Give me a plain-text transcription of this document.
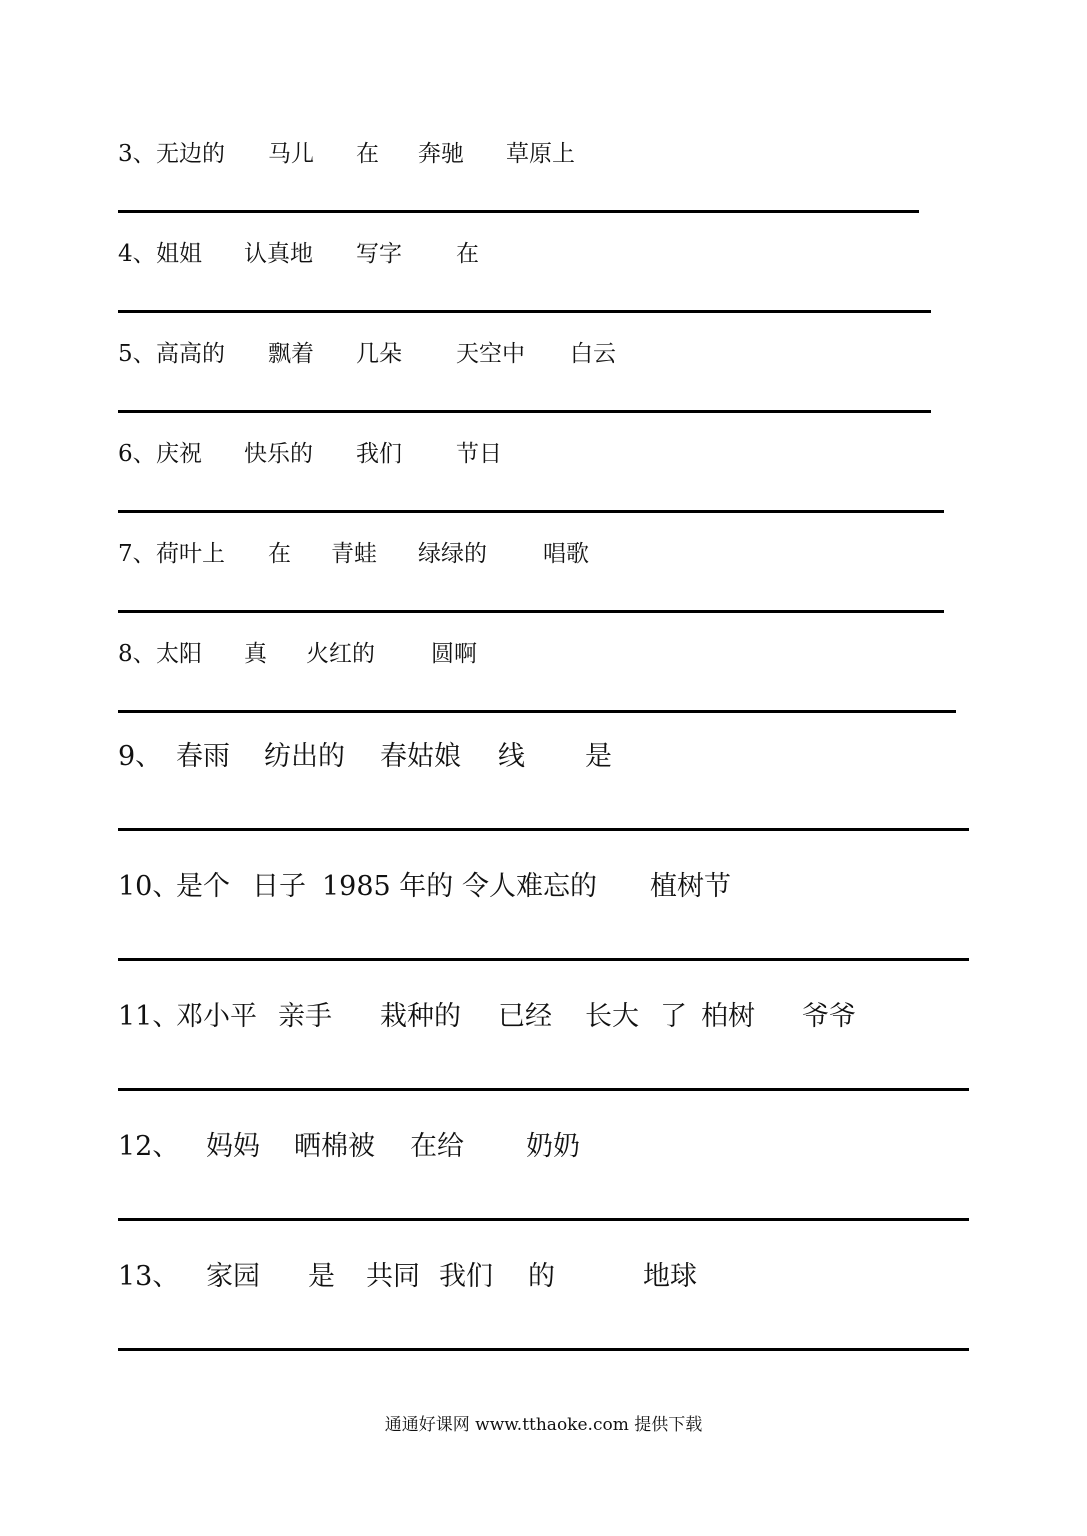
3、 无边的 马儿 在 奔驰 草原上
4、 姐姐 认真地 写字 在
5、 高高的 飘着 几朵 天空中 白云
6、 庆祝 快乐的 我们 节日
7、 荷叶上 在 青蛙 绿绿的 唱歌
8、 太阳 真 火红的 圆啊
9、 春雨 纺出的 春姑娘 线 是
10、
是个 日子 1985 年的 令人难忘的 植树节
11、
邓小平 亲手 栽种的 已经 长大 了 柏树 爷爷
12、 妈妈 晒棉被 在给 奶奶
13、 家园 是 共同 我们 的	地球
通通好课网 www.tthaoke.com 提供下载
